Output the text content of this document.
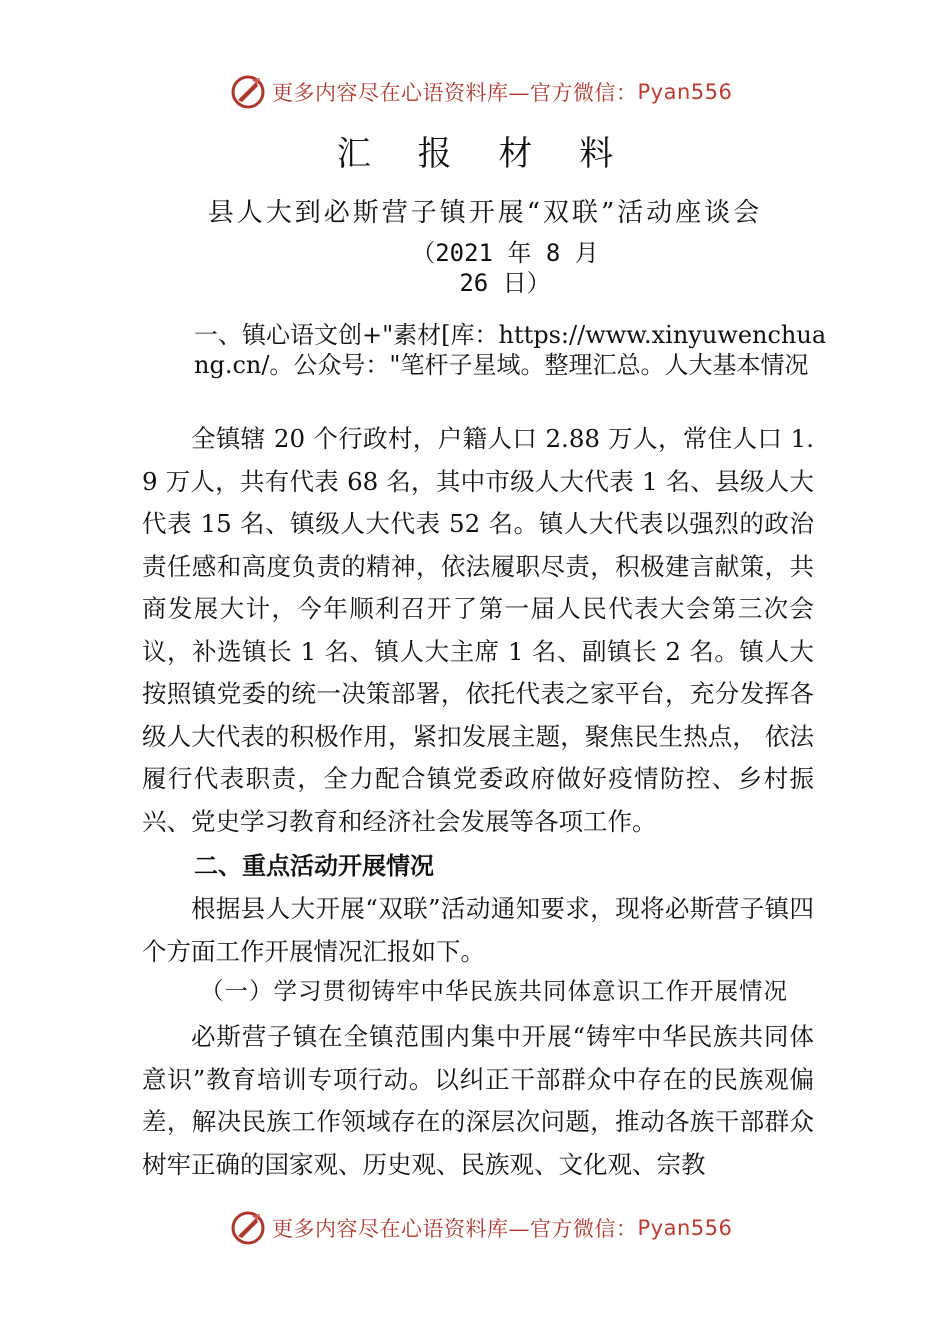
更多内容尽在心语资料库—官方微信： Pyan556
汇 报 材 料
县人大到必斯营子镇开展“双联”活动座谈会
（2021 年 8 月 26 日）
一、镇心语文创+"素材[库：https://www.xinyuwenchuang.cn/。公众号："笔杆子星域。整理汇总。人大基本情况
全镇辖 20 个行政村，户籍人口 2.88 万人，常住人口 1.9 万人，共有代表 68 名，其中市级人大代表 1 名、县级人大代表 15 名、镇级人大代表 52 名。镇人大代表以强烈的政治责任感和高度负责的精神，依法履职尽责，积极建言献策，共商发展大计，今年顺利召开了第一届人民代表大会第三次会议，补选镇长 1 名、镇人大主席 1 名、副镇长 2 名。镇人大按照镇党委的统一决策部署，依托代表之家平台，充分发挥各级人大代表的积极作用，紧扣发展主题，聚焦民生热点， 依法履行代表职责，全力配合镇党委政府做好疫情防控、乡村振兴、党史学习教育和经济社会发展等各项工作。
二、重点活动开展情况
根据县人大开展“双联”活动通知要求，现将必斯营子镇四个方面工作开展情况汇报如下。
（一）学习贯彻铸牢中华民族共同体意识工作开展情况
必斯营子镇在全镇范围内集中开展“铸牢中华民族共同体意识”教育培训专项行动。以纠正干部群众中存在的民族观偏差，解决民族工作领域存在的深层次问题，推动各族干部群众树牢正确的国家观、历史观、民族观、文化观、宗教
更多内容尽在心语资料库—官方微信： Pyan556
